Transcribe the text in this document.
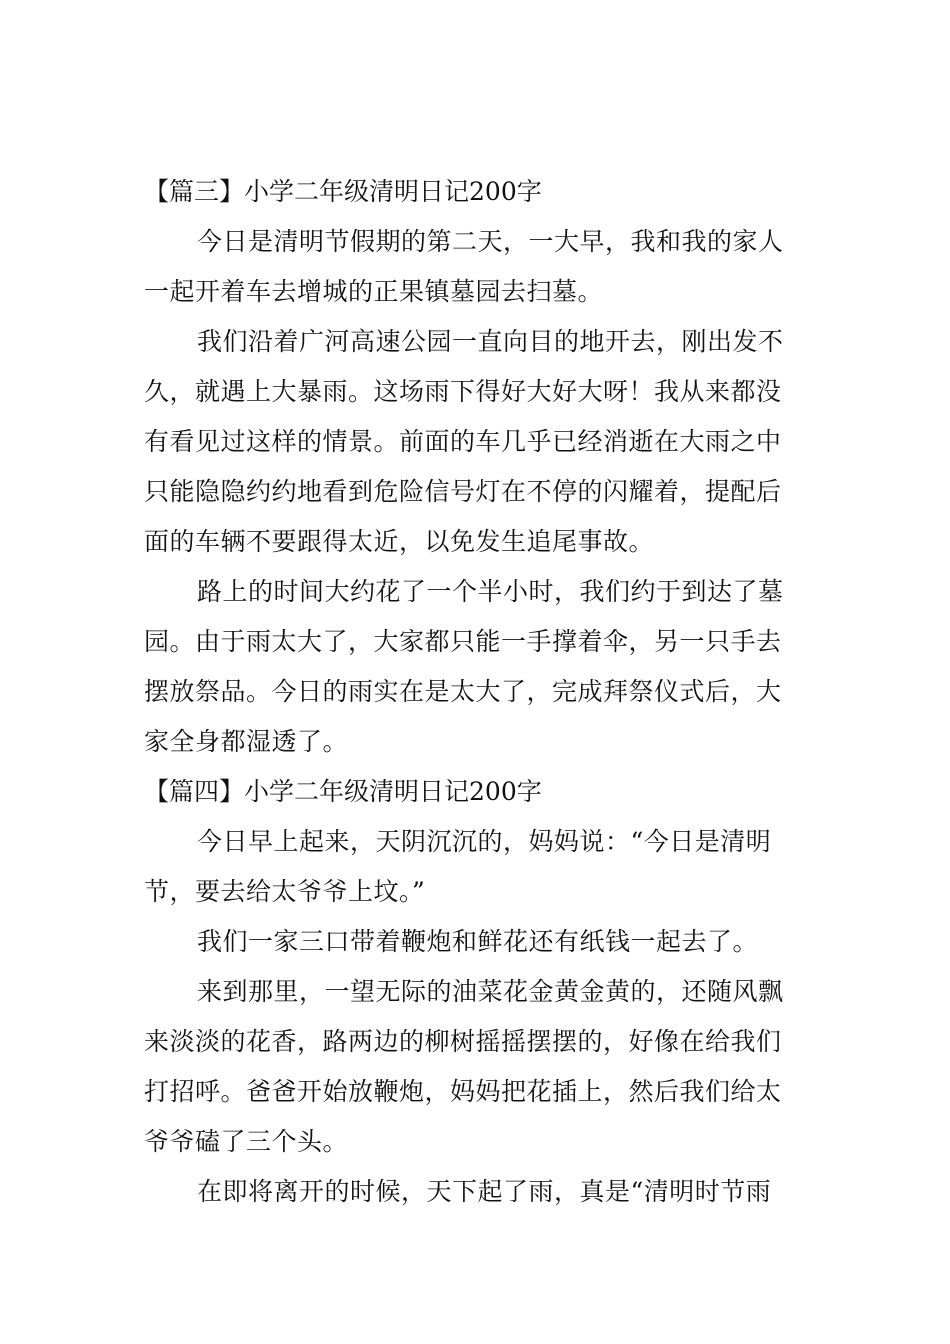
【篇三】小学二年级清明日记200字
今日是清明节假期的第二天，一大早，我和我的家人
一起开着车去增城的正果镇墓园去扫墓。
我们沿着广河高速公园一直向目的地开去，刚出发不
久，就遇上大暴雨。这场雨下得好大好大呀！我从来都没
有看见过这样的情景。前面的车几乎已经消逝在大雨之中
只能隐隐约约地看到危险信号灯在不停的闪耀着，提配后
面的车辆不要跟得太近，以免发生追尾事故。
路上的时间大约花了一个半小时，我们约于到达了墓
园。由于雨太大了，大家都只能一手撑着伞，另一只手去
摆放祭品。今日的雨实在是太大了，完成拜祭仪式后，大
家全身都湿透了。
【篇四】小学二年级清明日记200字
今日早上起来，天阴沉沉的，妈妈说：“今日是清明
节，要去给太爷爷上坟。”
我们一家三口带着鞭炮和鲜花还有纸钱一起去了。
来到那里，一望无际的油菜花金黄金黄的，还随风飘
来淡淡的花香，路两边的柳树摇摇摆摆的，好像在给我们
打招呼。爸爸开始放鞭炮，妈妈把花插上，然后我们给太
爷爷磕了三个头。
在即将离开的时候，天下起了雨，真是“清明时节雨
